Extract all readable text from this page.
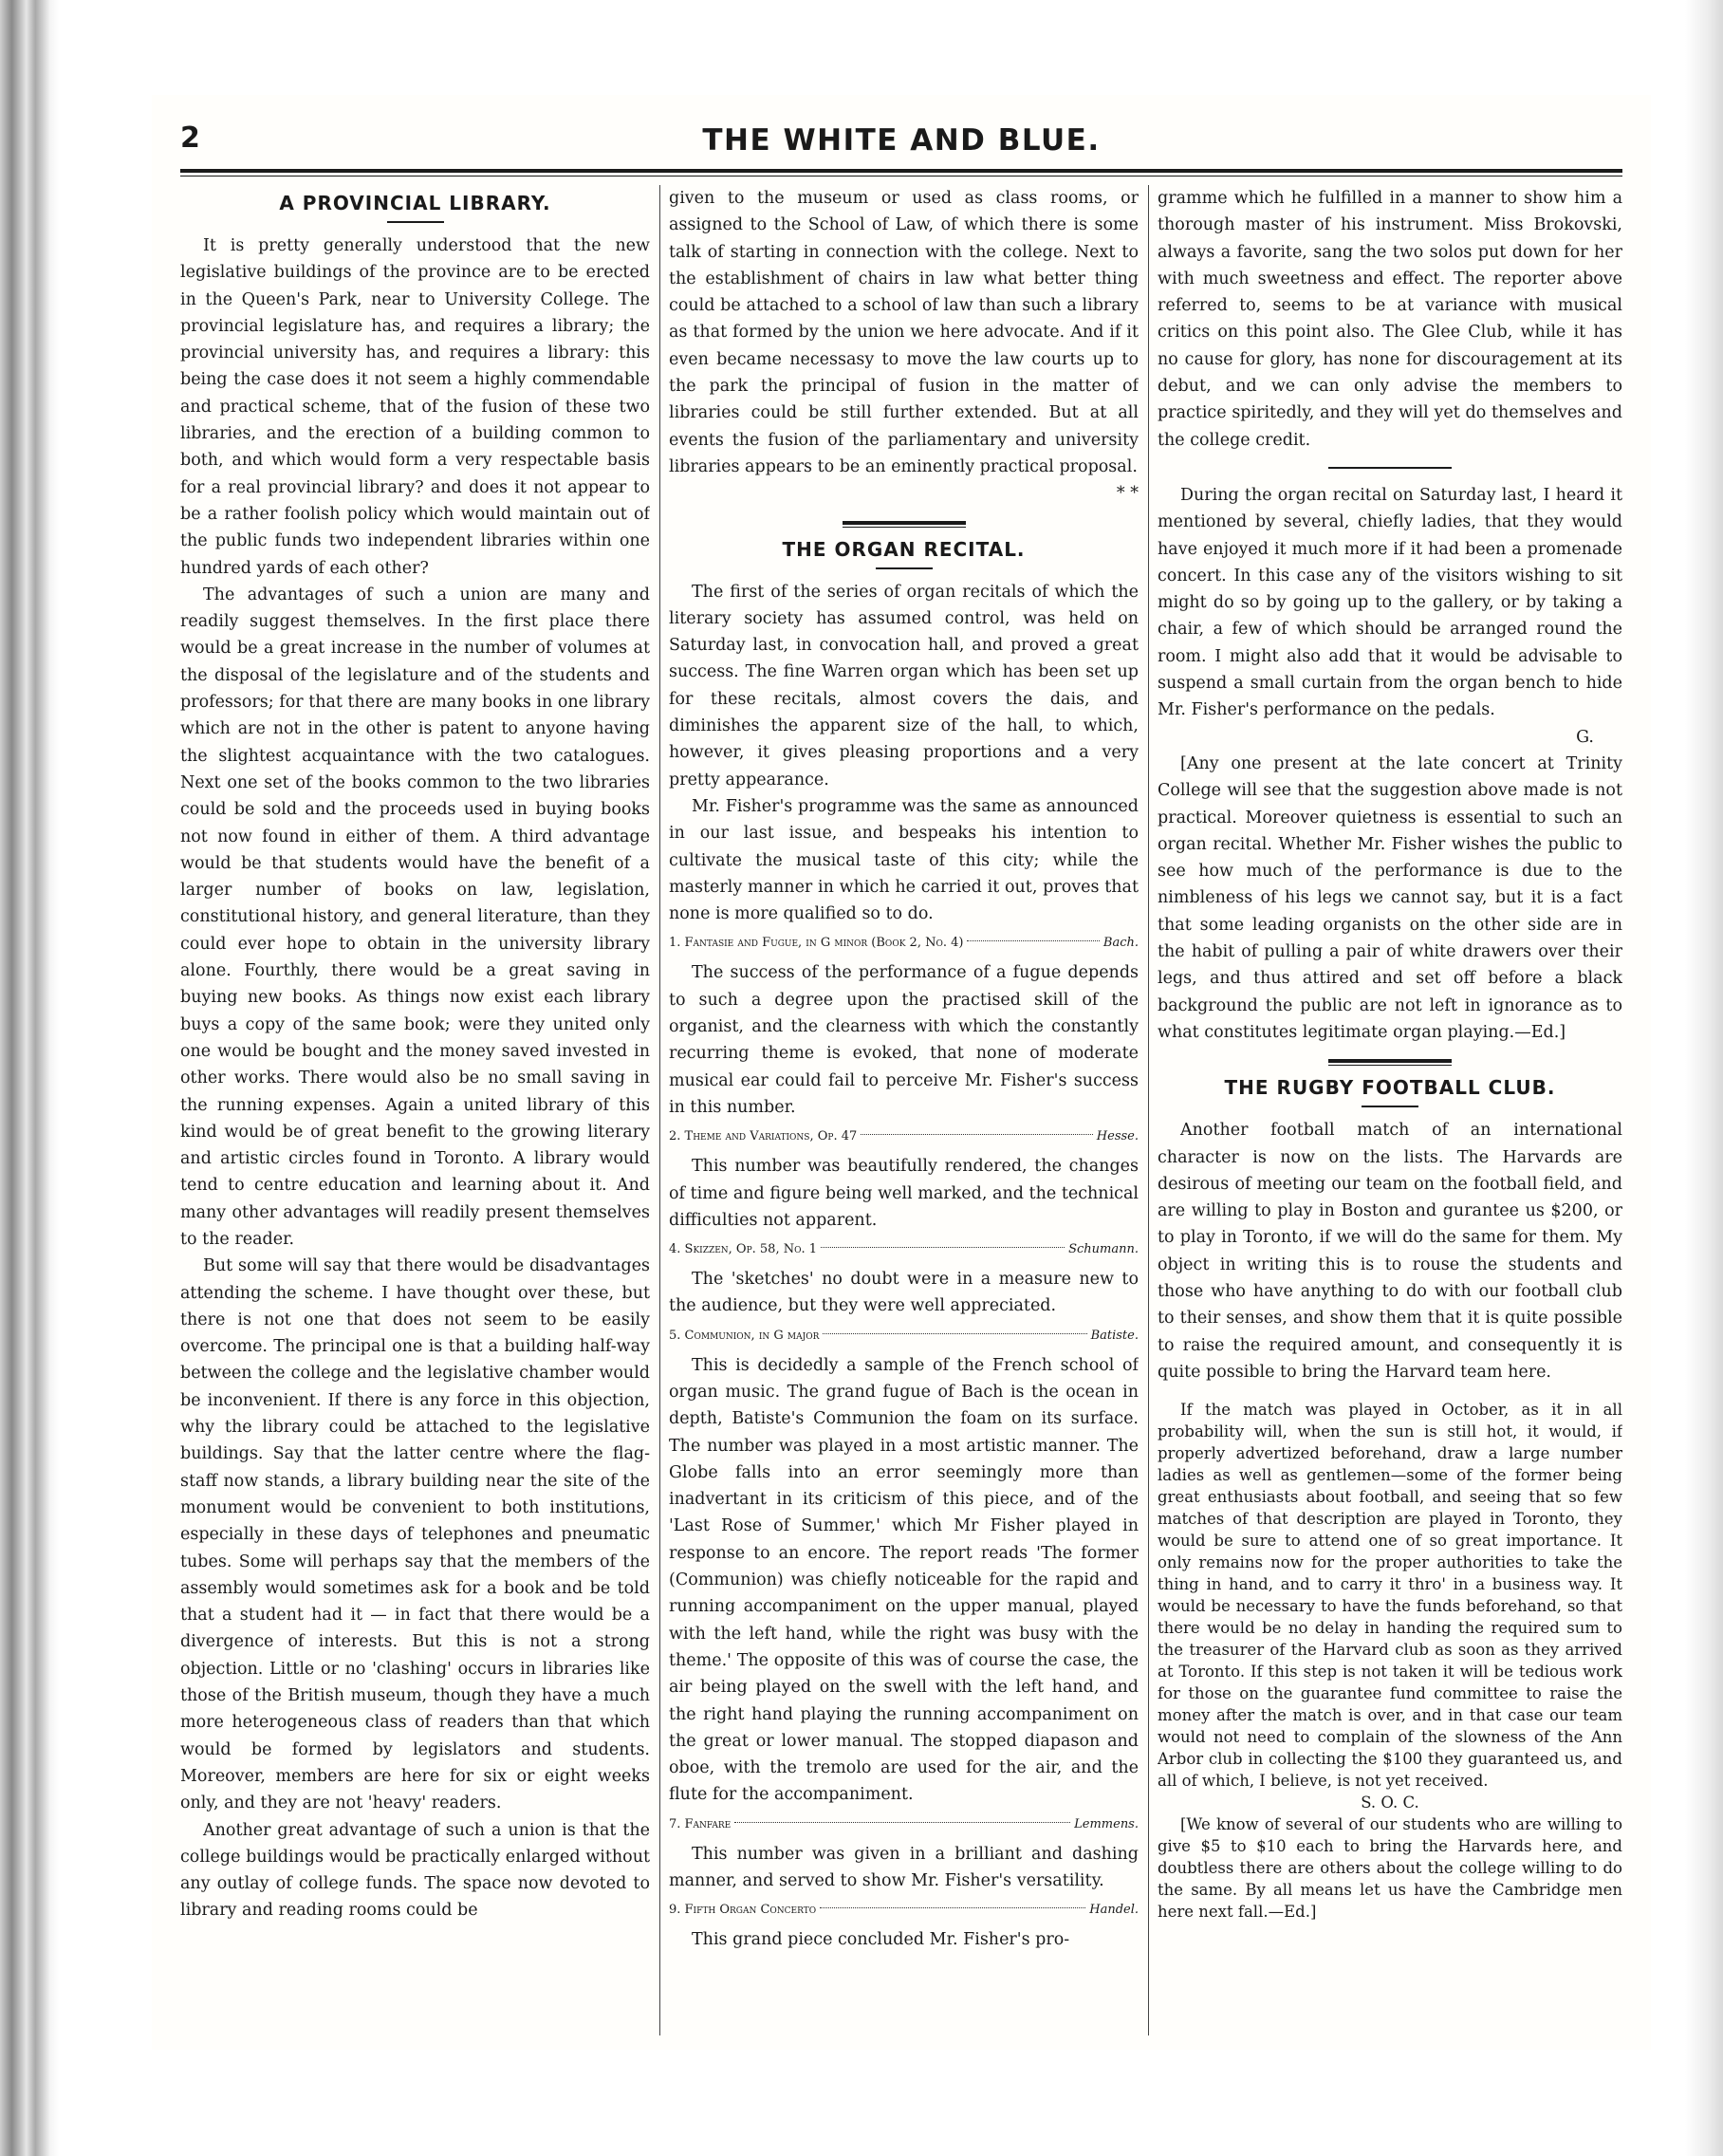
2	THE WHITE AND BLUE.
A PROVINCIAL LIBRARY.

It is pretty generally understood that the new legislative buildings of the province are to be erected in the Queen's Park, near to University College. The provincial legislature has, and requires a library; the provincial university has, and requires a library: this being the case does it not seem a highly commendable and practical scheme, that of the fusion of these two libraries, and the erection of a building common to both, and which would form a very respectable basis for a real provincial library? and does it not appear to be a rather foolish policy which would maintain out of the public funds two independent libraries within one hundred yards of each other?

The advantages of such a union are many and readily suggest themselves. In the first place there would be a great increase in the number of volumes at the disposal of the legislature and of the students and professors; for that there are many books in one library which are not in the other is patent to anyone having the slightest acquaintance with the two catalogues. Next one set of the books common to the two libraries could be sold and the proceeds used in buying books not now found in either of them. A third advantage would be that students would have the benefit of a larger number of books on law, legislation, constitutional history, and general literature, than they could ever hope to obtain in the university library alone. Fourthly, there would be a great saving in buying new books. As things now exist each library buys a copy of the same book; were they united only one would be bought and the money saved invested in other works. There would also be no small saving in the running expenses. Again a united library of this kind would be of great benefit to the growing literary and artistic circles found in Toronto. A library would tend to centre education and learning about it. And many other advantages will readily present themselves to the reader.

But some will say that there would be disadvantages attending the scheme. I have thought over these, but there is not one that does not seem to be easily overcome. The principal one is that a building half-way between the college and the legislative chamber would be inconvenient. If there is any force in this objection, why the library could be attached to the legislative buildings. Say that the latter centre where the flag-staff now stands, a library building near the site of the monument would be convenient to both institutions, especially in these days of telephones and pneumatic tubes. Some will perhaps say that the members of the assembly would sometimes ask for a book and be told that a student had it — in fact that there would be a divergence of interests. But this is not a strong objection. Little or no 'clashing' occurs in libraries like those of the British museum, though they have a much more heterogeneous class of readers than that which would be formed by legislators and students. Moreover, members are here for six or eight weeks only, and they are not 'heavy' readers.

Another great advantage of such a union is that the college buildings would be practically enlarged without any outlay of college funds. The space now devoted to library and reading rooms could be

given to the museum or used as class rooms, or assigned to the School of Law, of which there is some talk of starting in connection with the college. Next to the establishment of chairs in law what better thing could be attached to a school of law than such a library as that formed by the union we here advocate. And if it even became necessasy to move the law courts up to the park the principal of fusion in the matter of libraries could be still further extended. But at all events the fusion of the parliamentary and university libraries appears to be an eminently practical proposal.

* *

THE ORGAN RECITAL.

The first of the series of organ recitals of which the literary society has assumed control, was held on Saturday last, in convocation hall, and proved a great success. The fine Warren organ which has been set up for these recitals, almost covers the dais, and diminishes the apparent size of the hall, to which, however, it gives pleasing proportions and a very pretty appearance.

Mr. Fisher's programme was the same as announced in our last issue, and bespeaks his intention to cultivate the musical taste of this city; while the masterly manner in which he carried it out, proves that none is more qualified so to do.

1. Fantasie and Fugue, in G minor (Book 2, No. 4)	Bach.

The success of the performance of a fugue depends to such a degree upon the practised skill of the organist, and the clearness with which the constantly recurring theme is evoked, that none of moderate musical ear could fail to perceive Mr. Fisher's success in this number.

2. Theme and Variations, Op. 47	Hesse.

This number was beautifully rendered, the changes of time and figure being well marked, and the technical difficulties not apparent.

4. Skizzen, Op. 58, No. 1	Schumann.

The 'sketches' no doubt were in a measure new to the audience, but they were well appreciated.

5. Communion, in G major	Batiste.

This is decidedly a sample of the French school of organ music. The grand fugue of Bach is the ocean in depth, Batiste's Communion the foam on its surface. The number was played in a most artistic manner. The Globe falls into an error seemingly more than inadvertant in its criticism of this piece, and of the 'Last Rose of Summer,' which Mr Fisher played in response to an encore. The report reads 'The former (Communion) was chiefly noticeable for the rapid and running accompaniment on the upper manual, played with the left hand, while the right was busy with the theme.' The opposite of this was of course the case, the air being played on the swell with the left hand, and the right hand playing the running accompaniment on the great or lower manual. The stopped diapason and oboe, with the tremolo are used for the air, and the flute for the accompaniment.

7. Fanfare	Lemmens.

This number was given in a brilliant and dashing manner, and served to show Mr. Fisher's versatility.

9. Fifth Organ Concerto	Handel.

This grand piece concluded Mr. Fisher's pro-

gramme which he fulfilled in a manner to show him a thorough master of his instrument. Miss Brokovski, always a favorite, sang the two solos put down for her with much sweetness and effect. The reporter above referred to, seems to be at variance with musical critics on this point also. The Glee Club, while it has no cause for glory, has none for discouragement at its debut, and we can only advise the members to practice spiritedly, and they will yet do themselves and the college credit.

During the organ recital on Saturday last, I heard it mentioned by several, chiefly ladies, that they would have enjoyed it much more if it had been a promenade concert. In this case any of the visitors wishing to sit might do so by going up to the gallery, or by taking a chair, a few of which should be arranged round the room. I might also add that it would be advisable to suspend a small curtain from the organ bench to hide Mr. Fisher's performance on the pedals.

G.

[Any one present at the late concert at Trinity College will see that the suggestion above made is not practical. Moreover quietness is essential to such an organ recital. Whether Mr. Fisher wishes the public to see how much of the performance is due to the nimbleness of his legs we cannot say, but it is a fact that some leading organists on the other side are in the habit of pulling a pair of white drawers over their legs, and thus attired and set off before a black background the public are not left in ignorance as to what constitutes legitimate organ playing.—Ed.]

THE RUGBY FOOTBALL CLUB.

Another football match of an international character is now on the lists. The Harvards are desirous of meeting our team on the football field, and are willing to play in Boston and gurantee us $200, or to play in Toronto, if we will do the same for them. My object in writing this is to rouse the students and those who have anything to do with our football club to their senses, and show them that it is quite possible to raise the required amount, and consequently it is quite possible to bring the Harvard team here.

If the match was played in October, as it in all probability will, when the sun is still hot, it would, if properly advertized beforehand, draw a large number ladies as well as gentlemen—some of the former being great enthusiasts about football, and seeing that so few matches of that description are played in Toronto, they would be sure to attend one of so great importance. It only remains now for the proper authorities to take the thing in hand, and to carry it thro' in a business way. It would be necessary to have the funds beforehand, so that there would be no delay in handing the required sum to the treasurer of the Harvard club as soon as they arrived at Toronto. If this step is not taken it will be tedious work for those on the guarantee fund committee to raise the money after the match is over, and in that case our team would not need to complain of the slowness of the Ann Arbor club in collecting the $100 they guaranteed us, and all of which, I believe, is not yet received.

S. O. C.

[We know of several of our students who are willing to give $5 to $10 each to bring the Harvards here, and doubtless there are others about the college willing to do the same. By all means let us have the Cambridge men here next fall.—Ed.]
